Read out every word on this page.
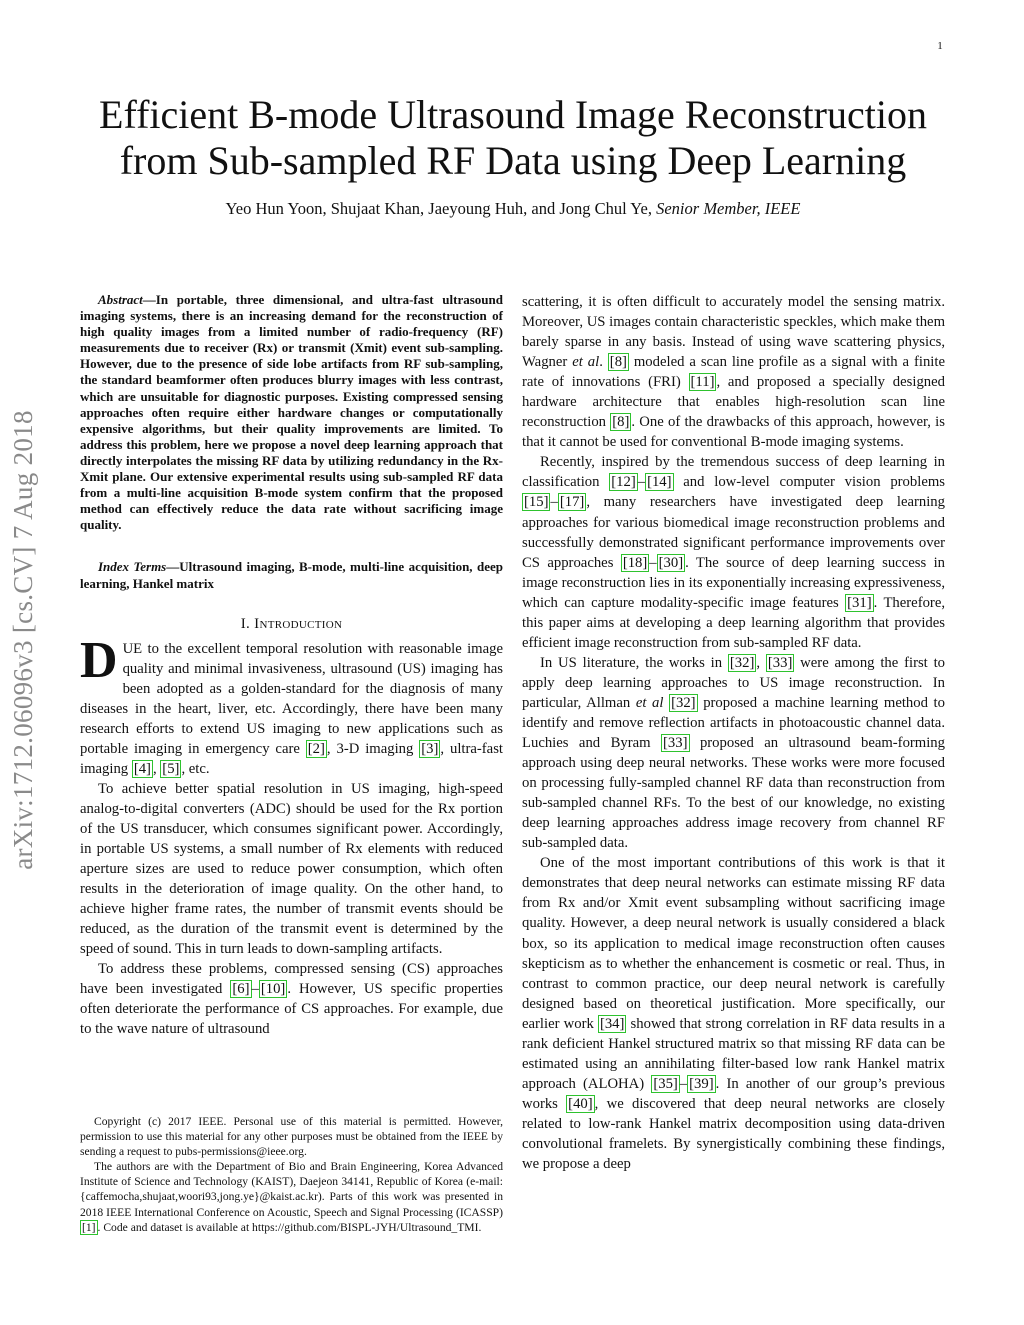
1
arXiv:1712.06096v3 [cs.CV] 7 Aug 2018
Efficient B-mode Ultrasound Image Reconstruction
from Sub-sampled RF Data using Deep Learning
Yeo Hun Yoon, Shujaat Khan, Jaeyoung Huh, and Jong Chul Ye, Senior Member, IEEE

Abstract—In portable, three dimensional, and ultra-fast ultrasound imaging systems, there is an increasing demand for the reconstruction of high quality images from a limited number of radio-frequency (RF) measurements due to receiver (Rx) or transmit (Xmit) event sub-sampling. However, due to the presence of side lobe artifacts from RF sub-sampling, the standard beamformer often produces blurry images with less contrast, which are unsuitable for diagnostic purposes. Existing compressed sensing approaches often require either hardware changes or computationally expensive algorithms, but their quality improvements are limited. To address this problem, here we propose a novel deep learning approach that directly interpolates the missing RF data by utilizing redundancy in the Rx-Xmit plane. Our extensive experimental results using sub-sampled RF data from a multi-line acquisition B-mode system confirm that the proposed method can effectively reduce the data rate without sacrificing image quality.

Index Terms—Ultrasound imaging, B-mode, multi-line acquisition, deep learning, Hankel matrix

I. Introduction

DUE to the excellent temporal resolution with reasonable image quality and minimal invasiveness, ultrasound (US) imaging has been adopted as a golden-standard for the diagnosis of many diseases in the heart, liver, etc. Accordingly, there have been many research efforts to extend US imaging to new applications such as portable imaging in emergency care [2] , 3-D imaging [3] , ultra-fast imaging [4] , [5] , etc.

To achieve better spatial resolution in US imaging, high-speed analog-to-digital converters (ADC) should be used for the Rx portion of the US transducer, which consumes significant power. Accordingly, in portable US systems, a small number of Rx elements with reduced aperture sizes are used to reduce power consumption, which often results in the deterioration of image quality. On the other hand, to achieve higher frame rates, the number of transmit events should be reduced, as the duration of the transmit event is determined by the speed of sound. This in turn leads to down-sampling artifacts.

To address these problems, compressed sensing (CS) approaches have been investigated [6] – [10] . However, US specific properties often deteriorate the performance of CS approaches. For example, due to the wave nature of ultrasound

Copyright (c) 2017 IEEE. Personal use of this material is permitted. However, permission to use this material for any other purposes must be obtained from the IEEE by sending a request to pubs-permissions@ieee.org.

The authors are with the Department of Bio and Brain Engineering, Korea Advanced Institute of Science and Technology (KAIST), Daejeon 34141, Republic of Korea (e-mail:{caffemocha,shujaat,woori93,jong.ye}@kaist.ac.kr). Parts of this work was presented in 2018 IEEE International Conference on Acoustic, Speech and Signal Processing (ICASSP) [1] . Code and dataset is available at https://github.com/BISPL-JYH/Ultrasound_TMI.

scattering, it is often difficult to accurately model the sensing matrix. Moreover, US images contain characteristic speckles, which make them barely sparse in any basis. Instead of using wave scattering physics, Wagner et al. [8] modeled a scan line profile as a signal with a finite rate of innovations (FRI) [11] , and proposed a specially designed hardware architecture that enables high-resolution scan line reconstruction [8] . One of the drawbacks of this approach, however, is that it cannot be used for conventional B-mode imaging systems.

Recently, inspired by the tremendous success of deep learning in classification [12] – [14] and low-level computer vision problems [15] – [17] , many researchers have investigated deep learning approaches for various biomedical image reconstruction problems and successfully demonstrated significant performance improvements over CS approaches [18] – [30] . The source of deep learning success in image reconstruction lies in its exponentially increasing expressiveness, which can capture modality-specific image features [31] . Therefore, this paper aims at developing a deep learning algorithm that provides efficient image reconstruction from sub-sampled RF data.

In US literature, the works in [32] , [33] were among the first to apply deep learning approaches to US image reconstruction. In particular, Allman et al [32] proposed a machine learning method to identify and remove reflection artifacts in photoacoustic channel data. Luchies and Byram [33] proposed an ultrasound beam-forming approach using deep neural networks. These works were more focused on processing fully-sampled channel RF data than reconstruction from sub-sampled channel RFs. To the best of our knowledge, no existing deep learning approaches address image recovery from channel RF sub-sampled data.

One of the most important contributions of this work is that it demonstrates that deep neural networks can estimate missing RF data from Rx and/or Xmit event subsampling without sacrificing image quality. However, a deep neural network is usually considered a black box, so its application to medical image reconstruction often causes skepticism as to whether the enhancement is cosmetic or real. Thus, in contrast to common practice, our deep neural network is carefully designed based on theoretical justification. More specifically, our earlier work [34] showed that strong correlation in RF data results in a rank deficient Hankel structured matrix so that missing RF data can be estimated using an annihilating filter-based low rank Hankel matrix approach (ALOHA) [35] – [39] . In another of our group’s previous works [40] , we discovered that deep neural networks are closely related to low-rank Hankel matrix decomposition using data-driven convolutional framelets. By synergistically combining these findings, we propose a deep
